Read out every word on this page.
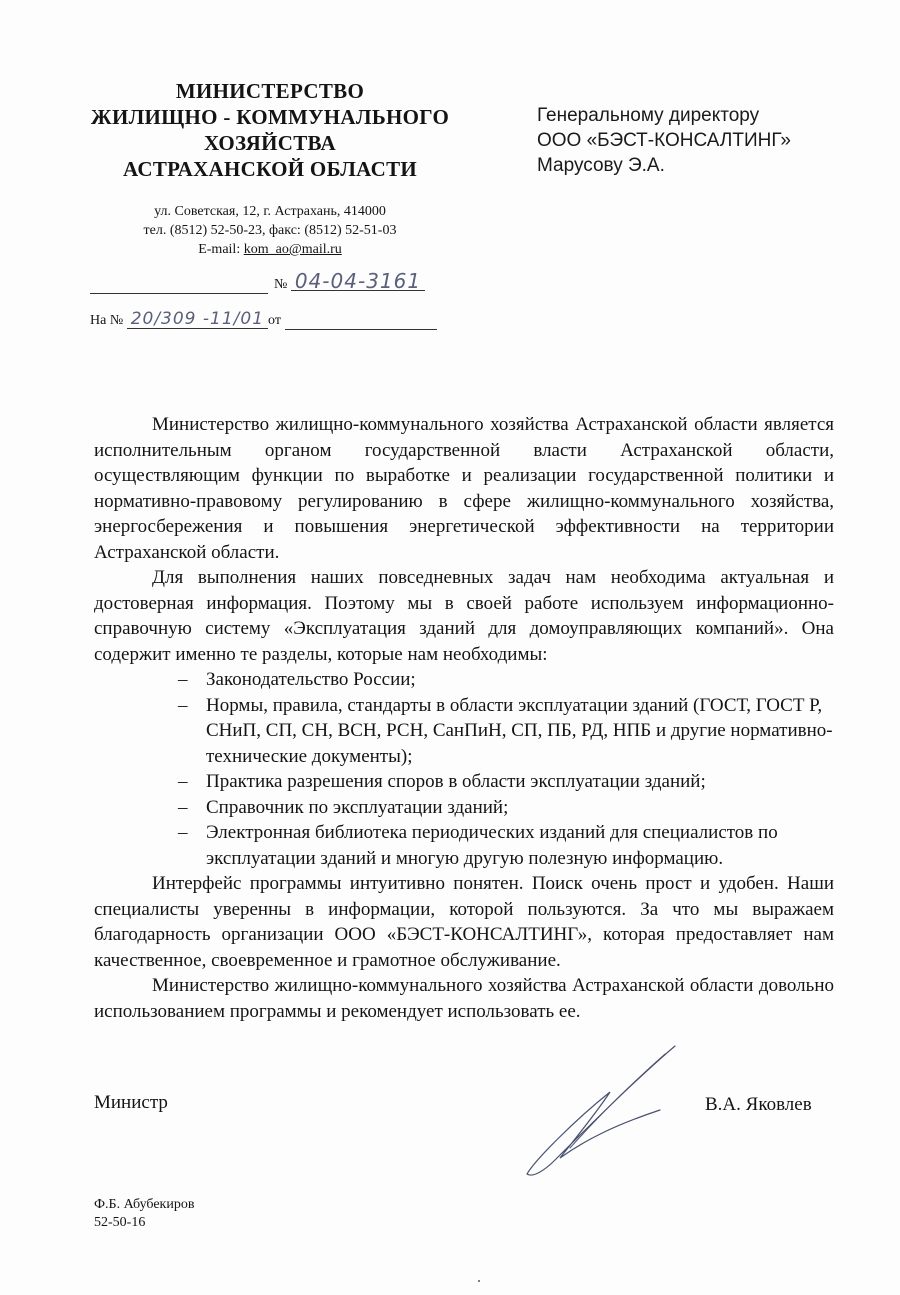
МИНИСТЕРСТВО
ЖИЛИЩНО - КОММУНАЛЬНОГО
ХОЗЯЙСТВА
АСТРАХАНСКОЙ ОБЛАСТИ
ул. Советская, 12, г. Астрахань, 414000
тел. (8512) 52-50-23, факс: (8512) 52-51-03
E-mail: kom_ao@mail.ru
Генеральному директору
ООО «БЭСТ-КОНСАЛТИНГ»
Марусову Э.А.
№ 04-04-3161
На № 20/309 -11/01 от

Министерство жилищно-коммунального хозяйства Астраханской области является исполнительным органом государственной власти Астраханской области, осуществляющим функции по выработке и реализации государственной политики и нормативно-правовому регулированию в сфере жилищно-коммунального хозяйства, энергосбережения и повышения энергетической эффективности на территории Астраханской области.

Для выполнения наших повседневных задач нам необходима актуальная и достоверная информация. Поэтому мы в своей работе используем информационно-справочную систему «Эксплуатация зданий для домоуправляющих компаний». Она содержит именно те разделы, которые нам необходимы:

– Законодательство России;
– Нормы, правила, стандарты в области эксплуатации зданий (ГОСТ, ГОСТ Р, СНиП, СП, СН, ВСН, РСН, СанПиН, СП, ПБ, РД, НПБ и другие нормативно-технические документы);
– Практика разрешения споров в области эксплуатации зданий;
– Справочник по эксплуатации зданий;
– Электронная библиотека периодических изданий для специалистов по эксплуатации зданий и многую другую полезную информацию.

Интерфейс программы интуитивно понятен. Поиск очень прост и удобен. Наши специалисты уверенны в информации, которой пользуются. За что мы выражаем благодарность организации ООО «БЭСТ-КОНСАЛТИНГ», которая предоставляет нам качественное, своевременное и грамотное обслуживание.

Министерство жилищно-коммунального хозяйства Астраханской области довольно использованием программы и рекомендует использовать ее.

Министр	В.А. Яковлев
Ф.Б. Абубекиров
52-50-16
